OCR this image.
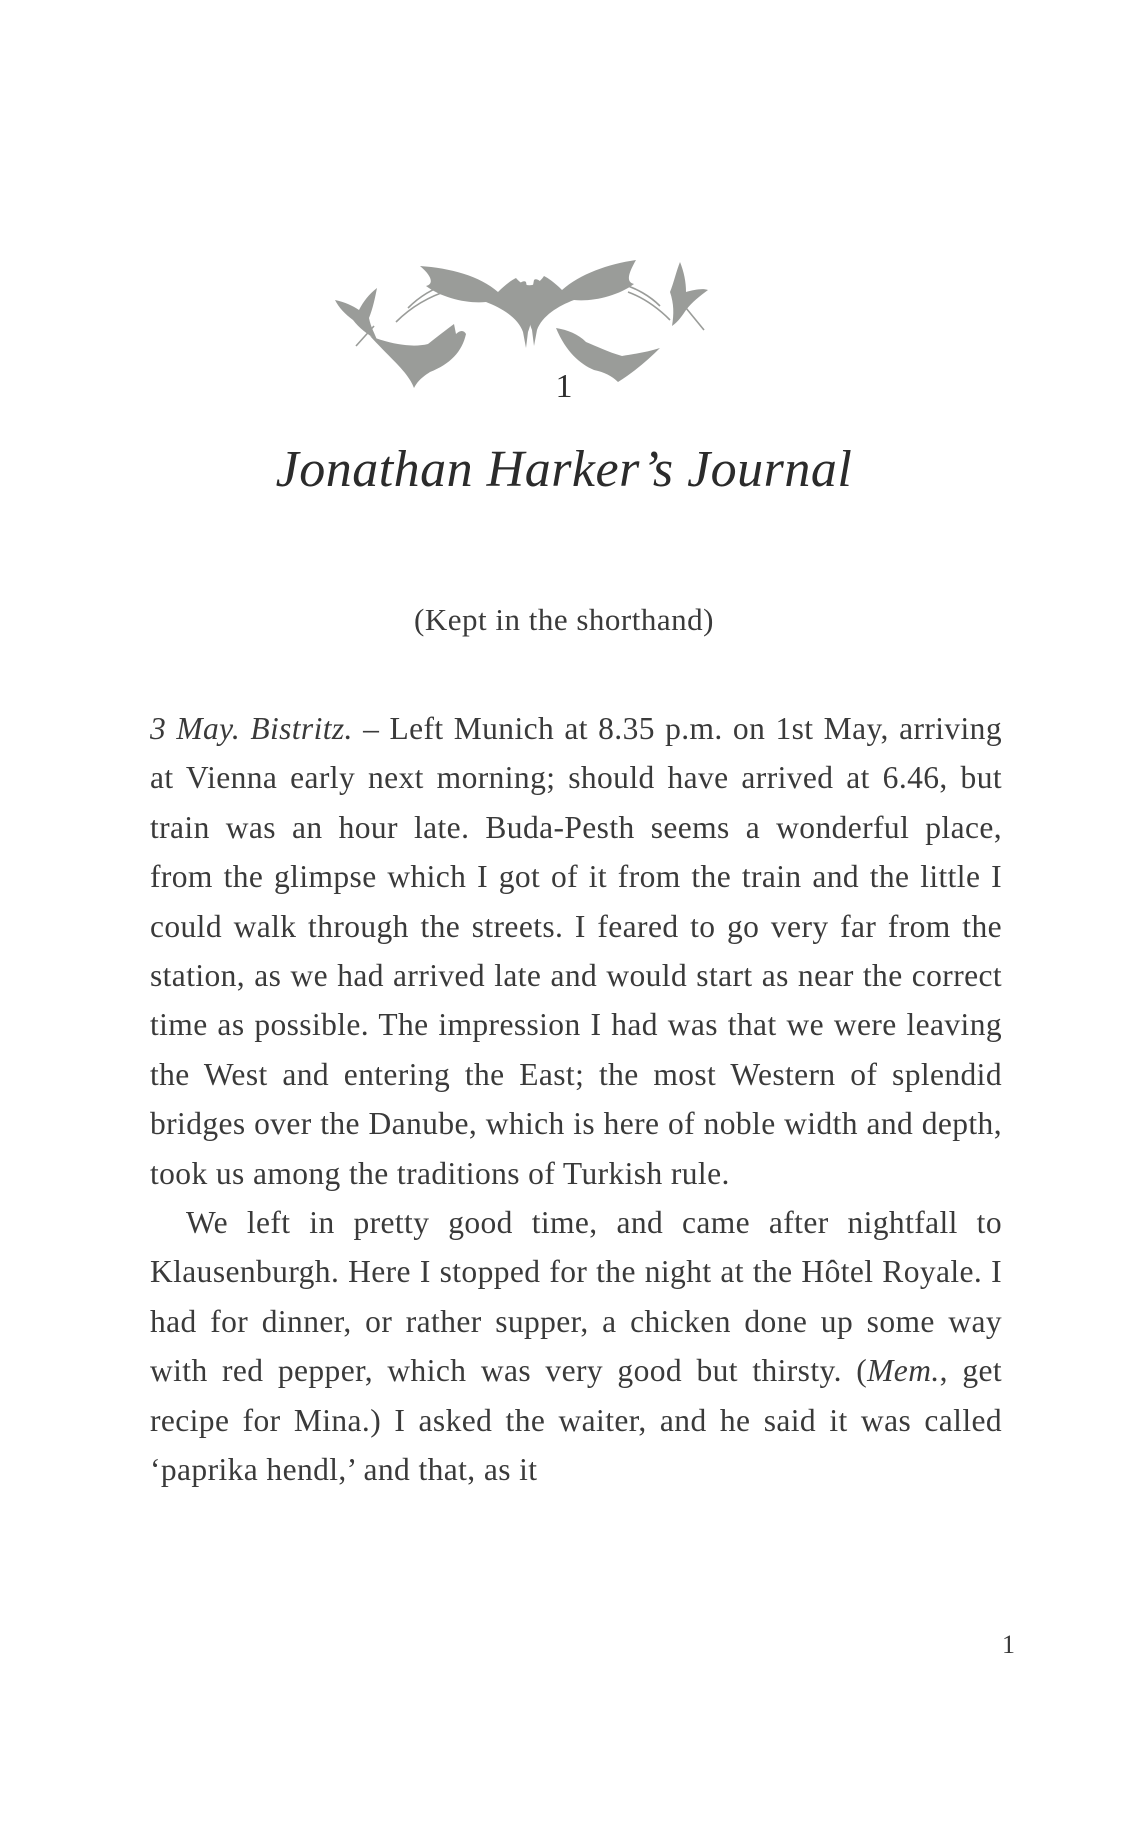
1
Jonathan Harker’s Journal
(Kept in the shorthand)

3 May. Bistritz. – Left Munich at 8.35 p.m. on 1st May, arriving at Vienna early next morning; should have arrived at 6.46, but train was an hour late. Buda-Pesth seems a wonderful place, from the glimpse which I got of it from the train and the little I could walk through the streets. I feared to go very far from the station, as we had arrived late and would start as near the correct time as possible. The impression I had was that we were leaving the West and entering the East; the most Western of splendid bridges over the Danube, which is here of noble width and depth, took us among the traditions of Turkish rule.

We left in pretty good time, and came after nightfall to Klausenburgh. Here I stopped for the night at the Hôtel Royale. I had for dinner, or rather supper, a chicken done up some way with red pepper, which was very good but thirsty. (Mem., get recipe for Mina.) I asked the waiter, and he said it was called ‘paprika hendl,’ and that, as it

1
